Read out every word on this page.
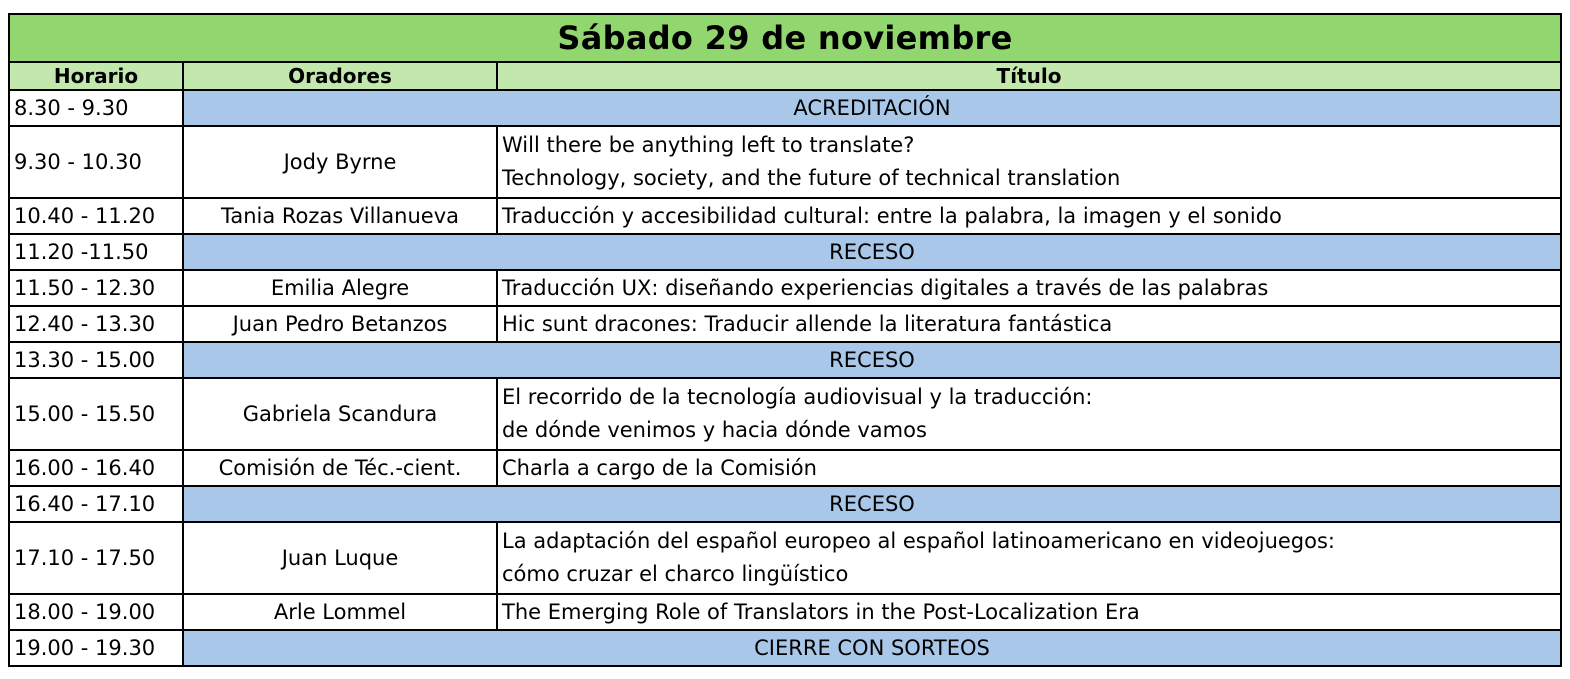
Sábado 29 de noviembre		
Horario	Oradores	Título
8.30 - 9.30	ACREDITACIÓN	
9.30 - 10.30	Jody Byrne	Will there be anything left to translate?
Technology, society, and the future of technical translation

10.40 - 11.20	Tania Rozas Villanueva	Traducción y accesibilidad cultural: entre la palabra, la imagen y el sonido

11.20 -11.50	RECESO	
11.50 - 12.30	Emilia Alegre	Traducción UX: diseñando experiencias digitales a través de las palabras

12.40 - 13.30	Juan Pedro Betanzos	Hic sunt dracones: Traducir allende la literatura fantástica

13.30 - 15.00	RECESO	
15.00 - 15.50	Gabriela Scandura	El recorrido de la tecnología audiovisual y la traducción:
de dónde venimos y hacia dónde vamos

16.00 - 16.40	Comisión de Téc.-cient.	Charla a cargo de la Comisión

16.40 - 17.10	RECESO	
17.10 - 17.50	Juan Luque	La adaptación del español europeo al español latinoamericano en videojuegos:
cómo cruzar el charco lingüístico

18.00 - 19.00	Arle Lommel	The Emerging Role of Translators in the Post-Localization Era

19.00 - 19.30	CIERRE CON SORTEOS	
